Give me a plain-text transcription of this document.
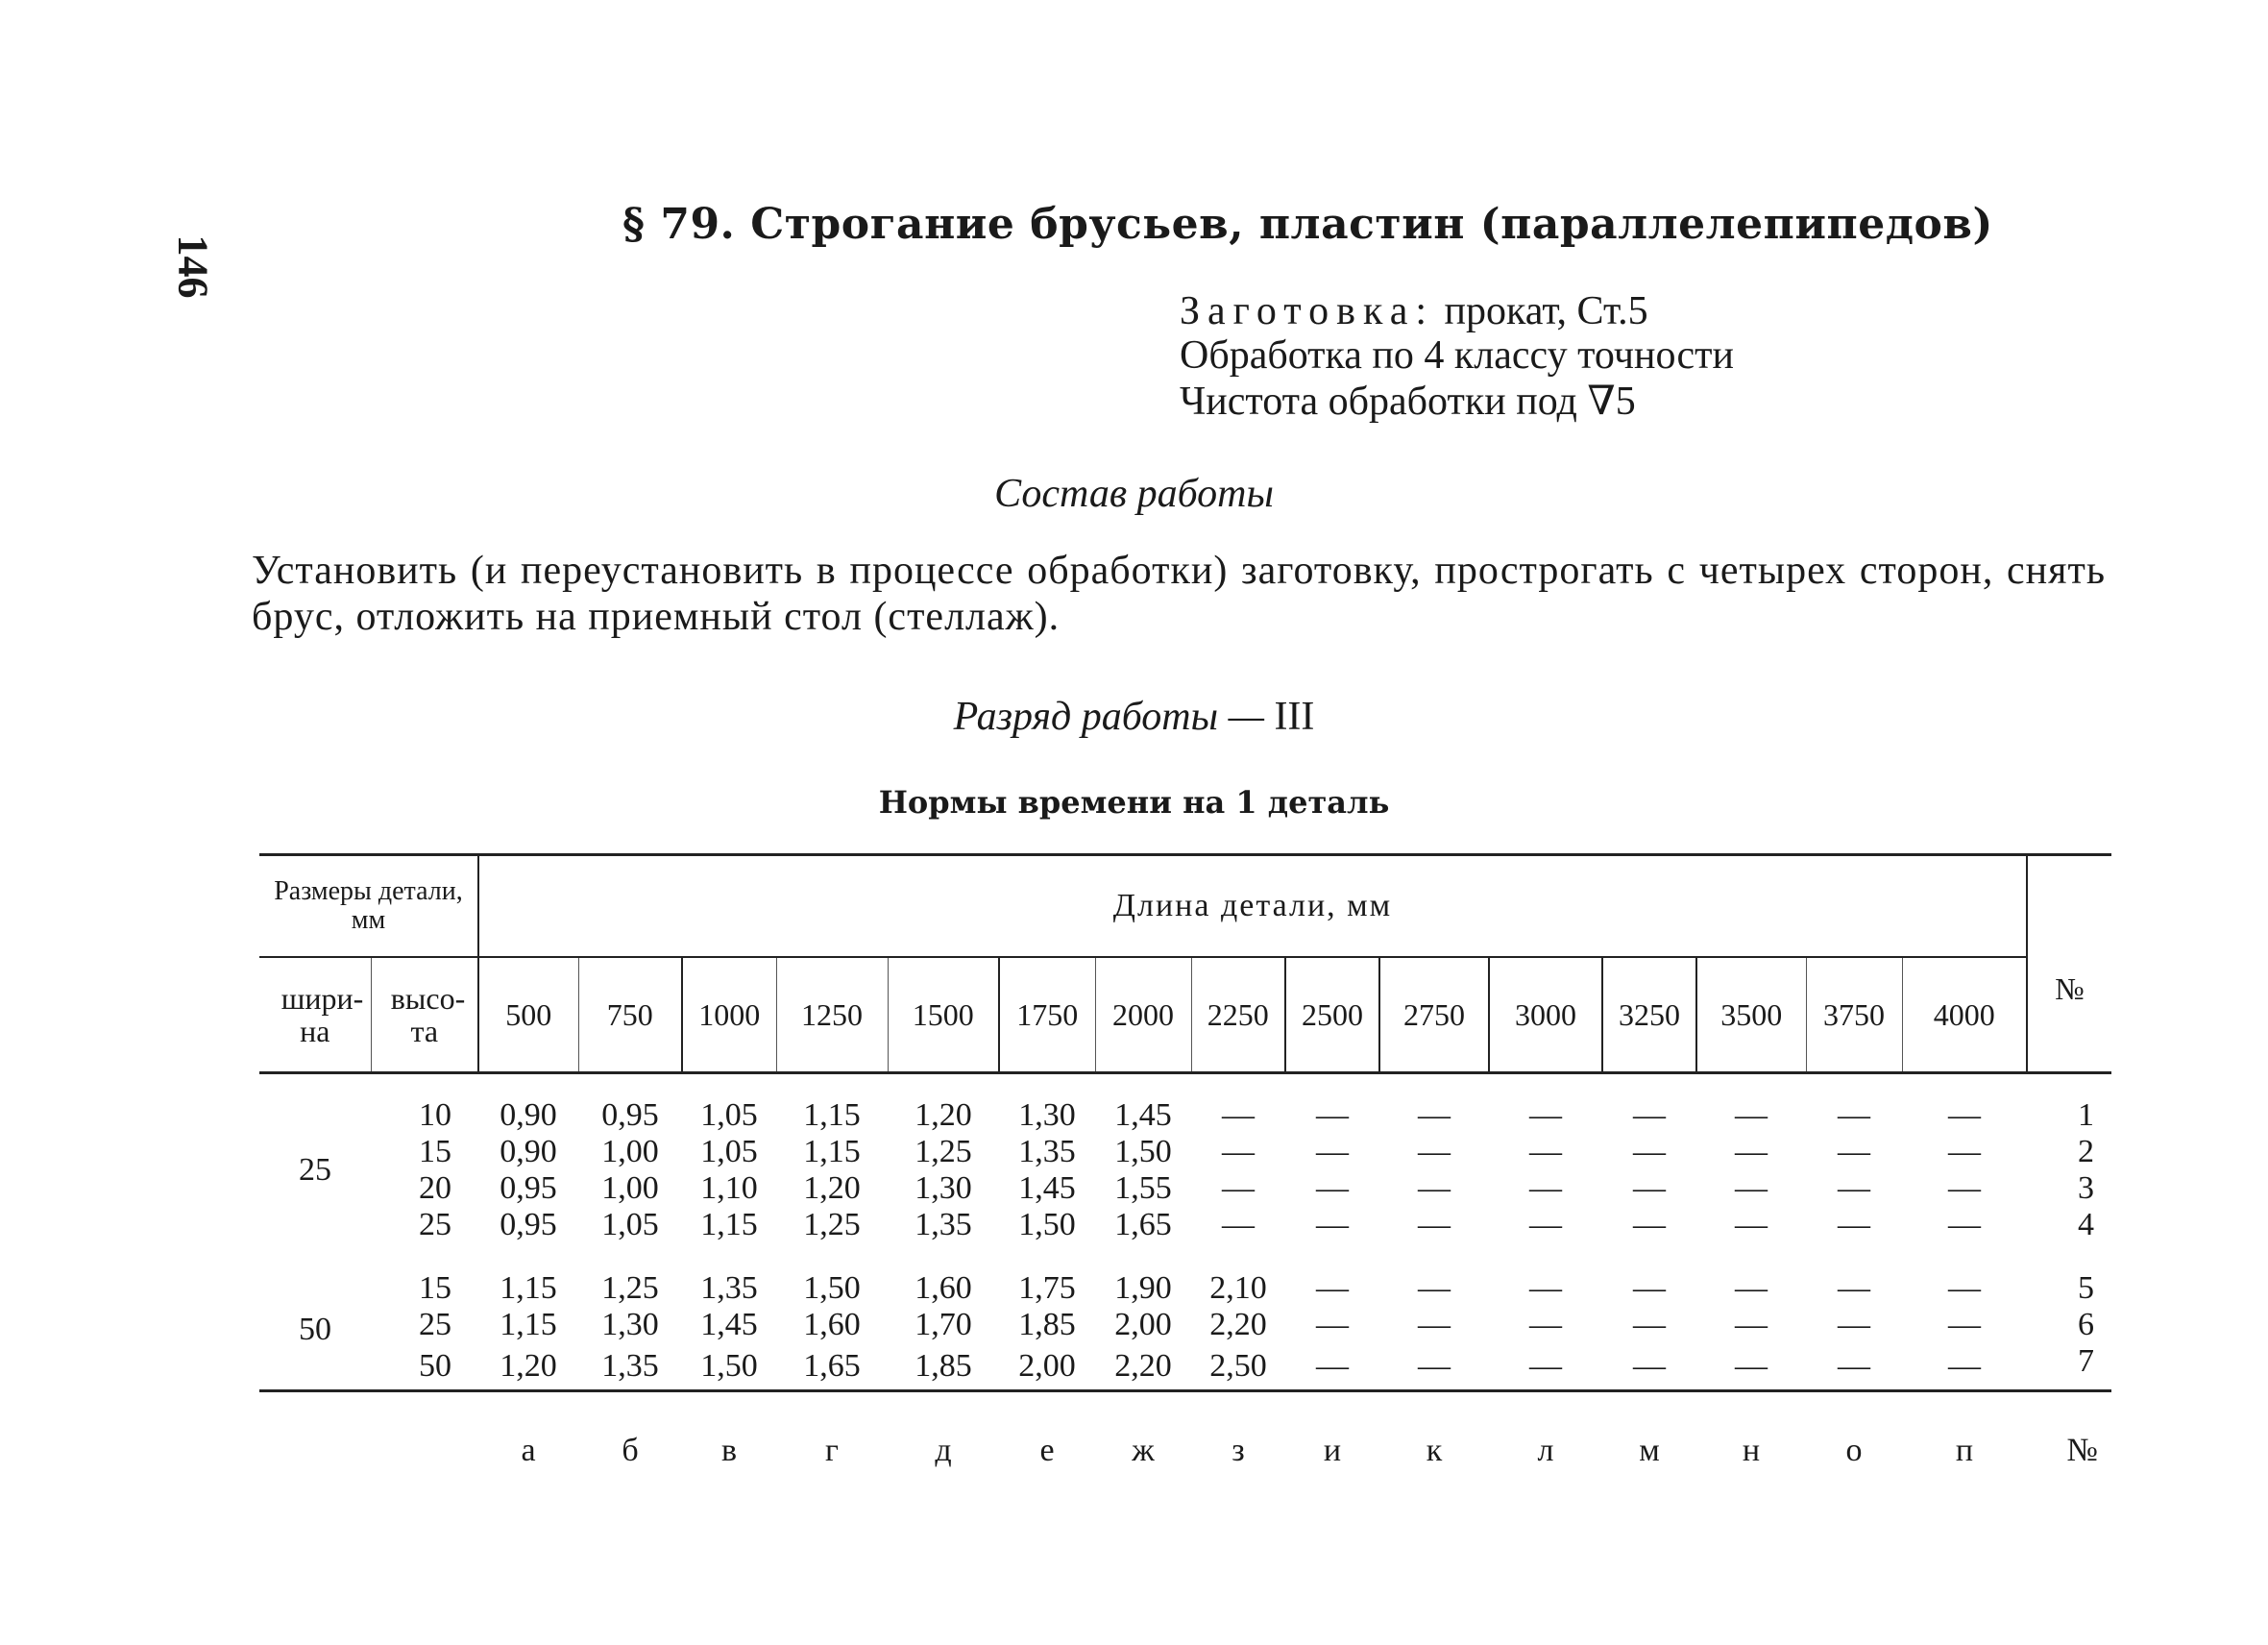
146
§ 79. Строгание брусьев, пластин (параллелепипедов)
Заготовка: прокат, Ст.5
Обработка по 4 классу точности
Чистота обработки под ∇5
Состав работы
Установить (и переустановить в процессе обработки) заготовку, прострогать с четырех сторон, снять брус, отложить на приемный стол (стеллаж).
Разряд работы — III
Нормы времени на 1 деталь
Размеры детали, мм		Длина детали, мм															№
шири-на	высо-та	500	750	1000	1250	1500	1750	2000	2250	2500	2750	3000	3250	3500	3750	4000	

25	10	0,90	0,95	1,05	1,15	1,20	1,30	1,45	—	—	—	—	—	—	—	—	1
	15	0,90	1,00	1,05	1,15	1,25	1,35	1,50	—	—	—	—	—	—	—	—	2
	20	0,95	1,00	1,10	1,20	1,30	1,45	1,55	—	—	—	—	—	—	—	—	3
	25	0,95	1,05	1,15	1,25	1,35	1,50	1,65	—	—	—	—	—	—	—	—	4

50	15	1,15	1,25	1,35	1,50	1,60	1,75	1,90	2,10	—	—	—	—	—	—	—	5
	25	1,15	1,30	1,45	1,60	1,70	1,85	2,00	2,20	—	—	—	—	—	—	—	6
	50	1,20	1,35	1,50	1,65	1,85	2,00	2,20	2,50	—	—	—	—	—	—	—	7
		а	б	в	г	д	е	ж	з	и	к	л	м	н	о	п	№
